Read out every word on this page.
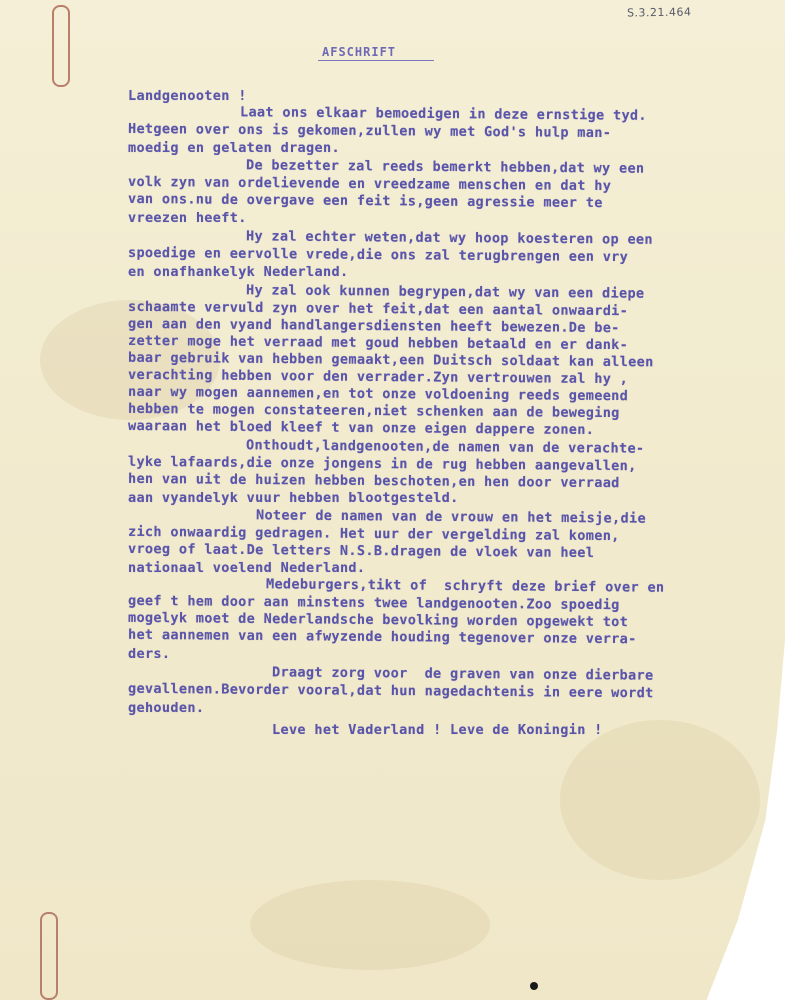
S.3.21.464
AFSCHRIFT
Landgenooten !
Laat ons elkaar bemoedigen in deze ernstige tyd.
Hetgeen over ons is gekomen,zullen wy met God's hulp man-
moedig en gelaten dragen.
De bezetter zal reeds bemerkt hebben,dat wy een
volk zyn van ordelievende en vreedzame menschen en dat hy
van ons.nu de overgave een feit is,geen agressie meer te
vreezen heeft.
Hy zal echter weten,dat wy hoop koesteren op een
spoedige en eervolle vrede,die ons zal terugbrengen een vry
en onafhankelyk Nederland.
Hy zal ook kunnen begrypen,dat wy van een diepe
schaamte vervuld zyn over het feit,dat een aantal onwaardi-
gen aan den vyand handlangersdiensten heeft bewezen.De be-
zetter moge het verraad met goud hebben betaald en er dank-
baar gebruik van hebben gemaakt,een Duitsch soldaat kan alleen
verachting hebben voor den verrader.Zyn vertrouwen zal hy ,
naar wy mogen aannemen,en tot onze voldoening reeds gemeend
hebben te mogen constateeren,niet schenken aan de beweging
waaraan het bloed kleef t van onze eigen dappere zonen.
Onthoudt,landgenooten,de namen van de verachte-
lyke lafaards,die onze jongens in de rug hebben aangevallen,
hen van uit de huizen hebben beschoten,en hen door verraad
aan vyandelyk vuur hebben blootgesteld.
Noteer de namen van de vrouw en het meisje,die
zich onwaardig gedragen. Het uur der vergelding zal komen,
vroeg of laat.De letters N.S.B.dragen de vloek van heel
nationaal voelend Nederland.
Medeburgers,tikt of  schryft deze brief over en
geef t hem door aan minstens twee landgenooten.Zoo spoedig
mogelyk moet de Nederlandsche bevolking worden opgewekt tot
het aannemen van een afwyzende houding tegenover onze verra-
ders.
Draagt zorg voor  de graven van onze dierbare
gevallenen.Bevorder vooral,dat hun nagedachtenis in eere wordt
gehouden.
Leve het Vaderland ! Leve de Koningin !
